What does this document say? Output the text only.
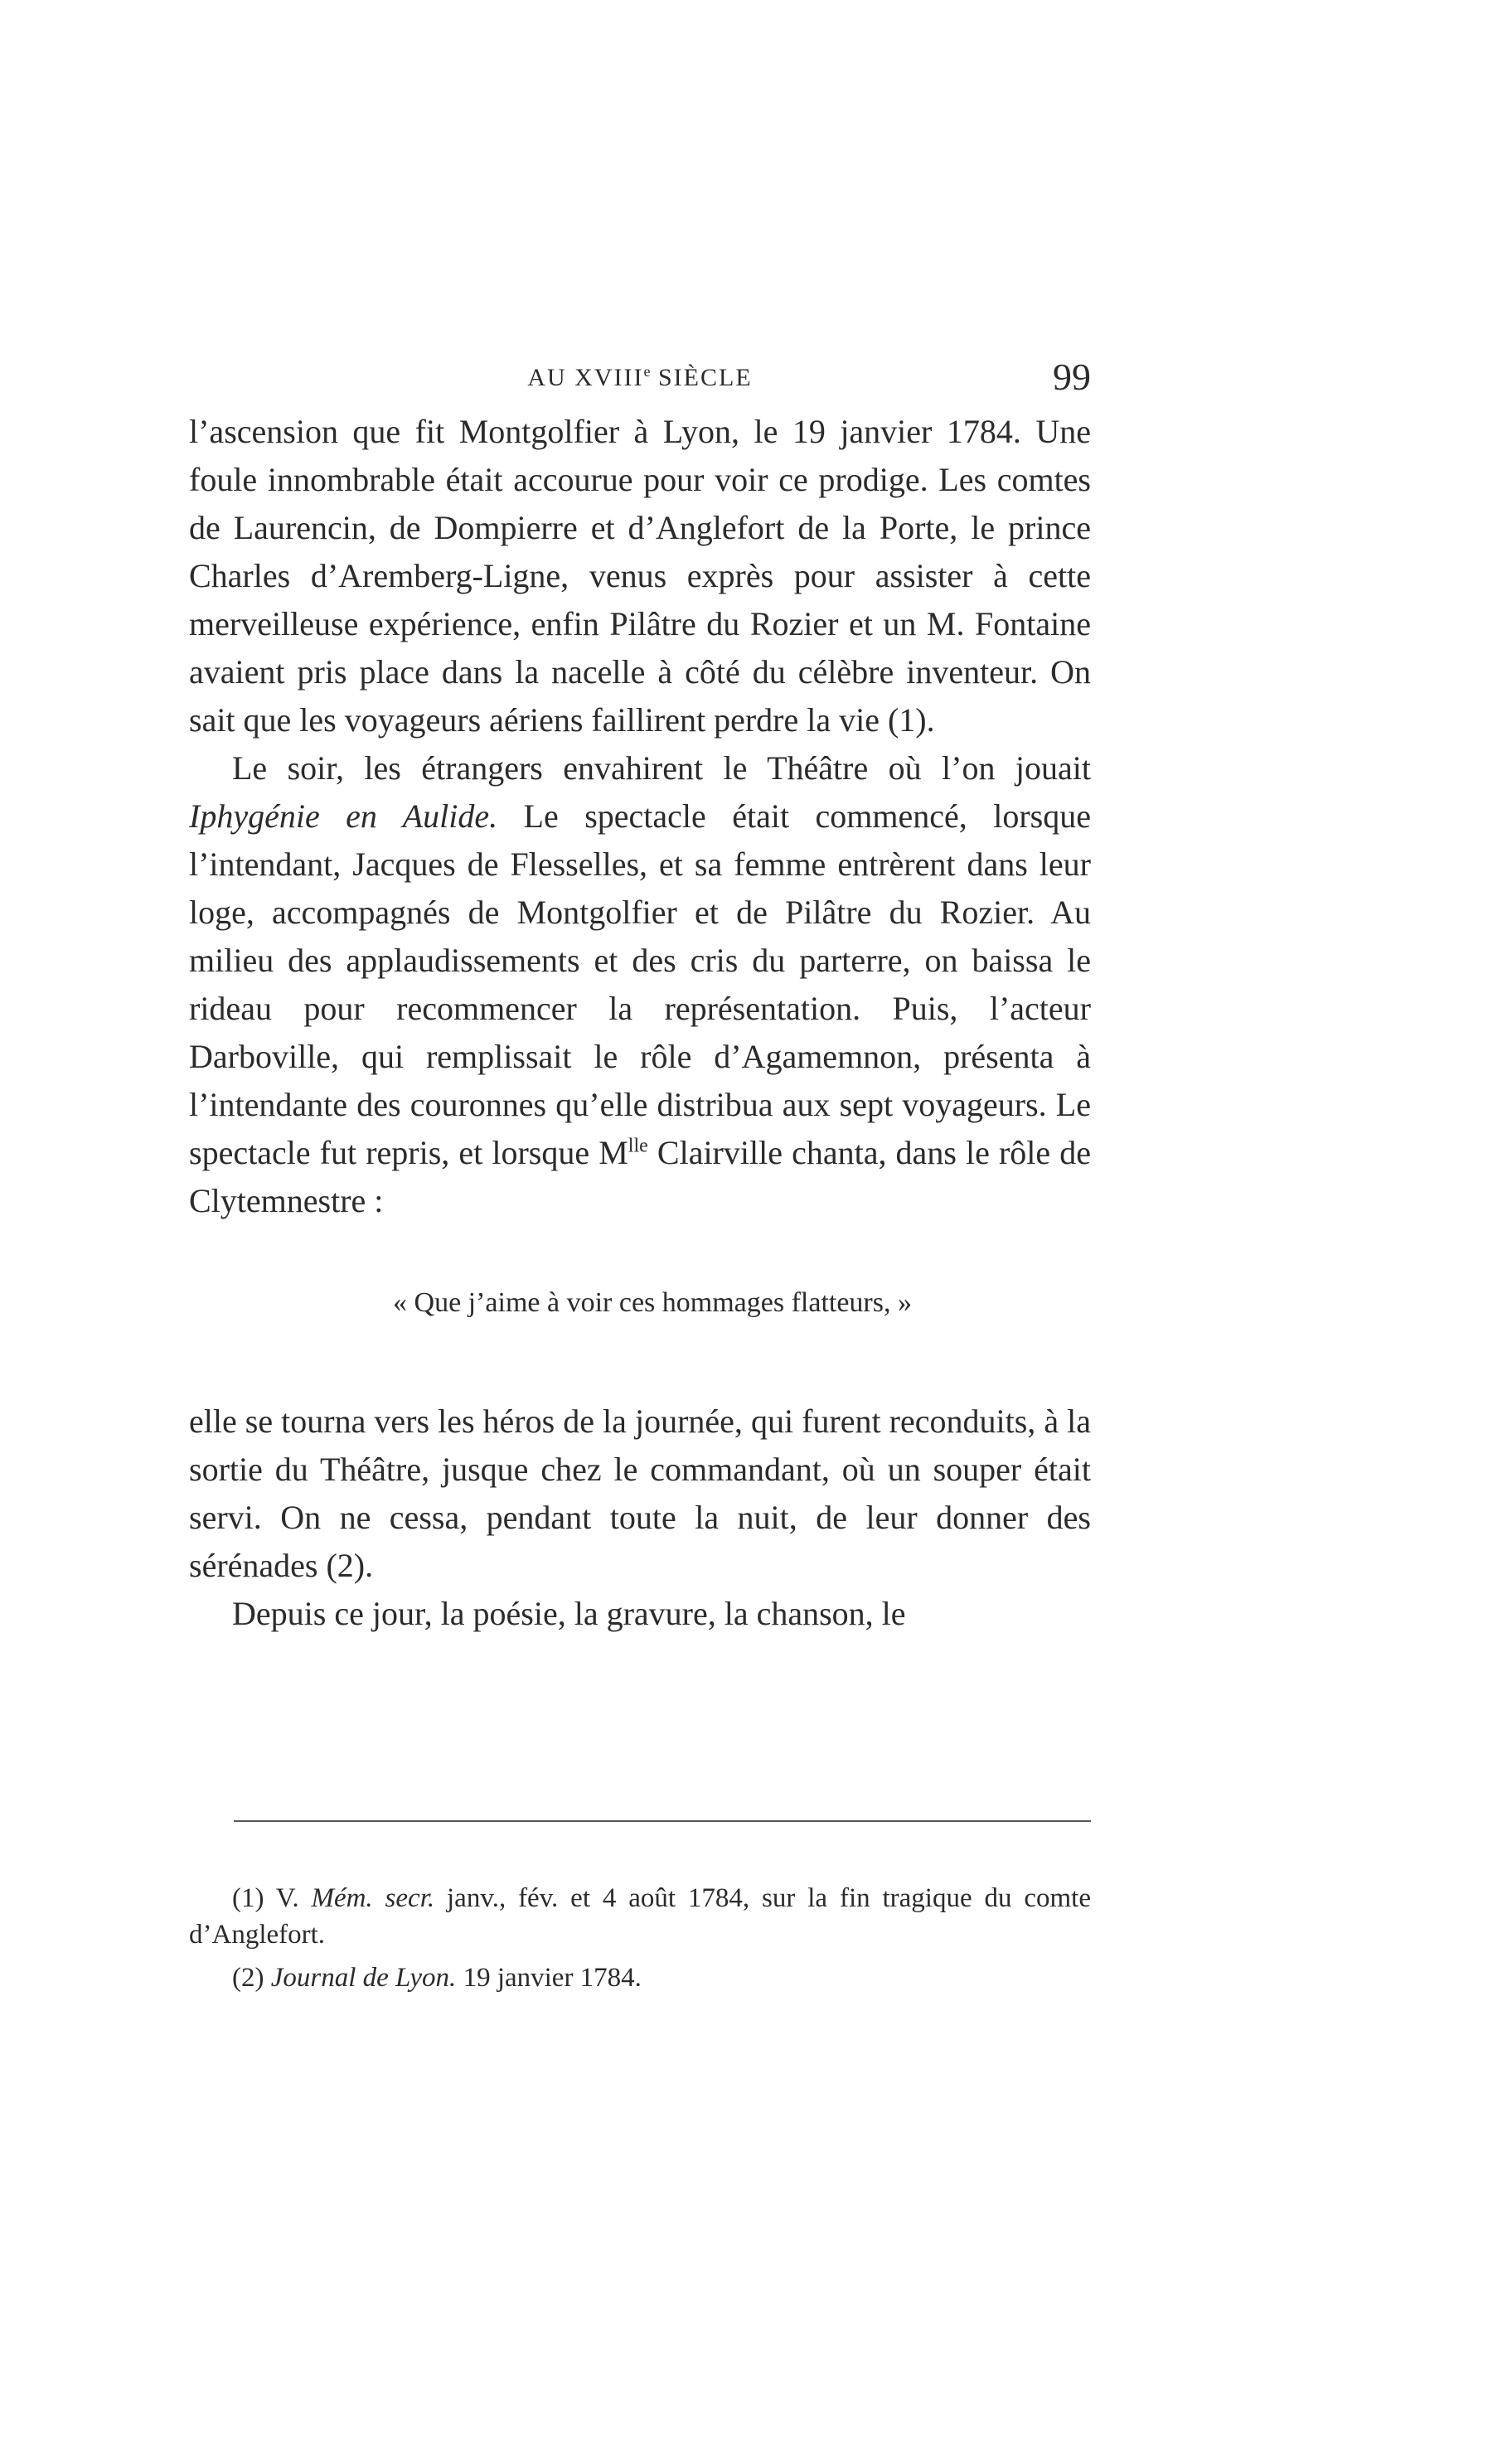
AU XVIIIe SIÈCLE	99

l’ascension que fit Montgolfier à Lyon, le 19 janvier 1784. Une foule innombrable était accourue pour voir ce prodige. Les comtes de Laurencin, de Dompierre et d’Anglefort de la Porte, le prince Charles d’Aremberg-Ligne, venus exprès pour assister à cette merveilleuse expérience, enfin Pilâtre du Rozier et un M. Fontaine avaient pris place dans la nacelle à côté du célèbre inventeur. On sait que les voyageurs aériens faillirent perdre la vie (1).

Le soir, les étrangers envahirent le Théâtre où l’on jouait Iphygénie en Aulide. Le spectacle était commencé, lorsque l’intendant, Jacques de Flesselles, et sa femme entrèrent dans leur loge, accompagnés de Montgolfier et de Pilâtre du Rozier. Au milieu des applaudissements et des cris du parterre, on baissa le rideau pour recommencer la représentation. Puis, l’acteur Darboville, qui remplissait le rôle d’Agamemnon, présenta à l’intendante des couronnes qu’elle distribua aux sept voyageurs. Le spectacle fut repris, et lorsque $M^{lle}$ Clairville chanta, dans le rôle de Clytemnestre :

« Que j’aime à voir ces hommages flatteurs, »

elle se tourna vers les héros de la journée, qui furent reconduits, à la sortie du Théâtre, jusque chez le commandant, où un souper était servi. On ne cessa, pendant toute la nuit, de leur donner des sérénades (2).

Depuis ce jour, la poésie, la gravure, la chanson, le

(1) V. Mém. secr. janv., fév. et 4 août 1784, sur la fin tragique du comte d’Anglefort.

(2) Journal de Lyon. 19 janvier 1784.
